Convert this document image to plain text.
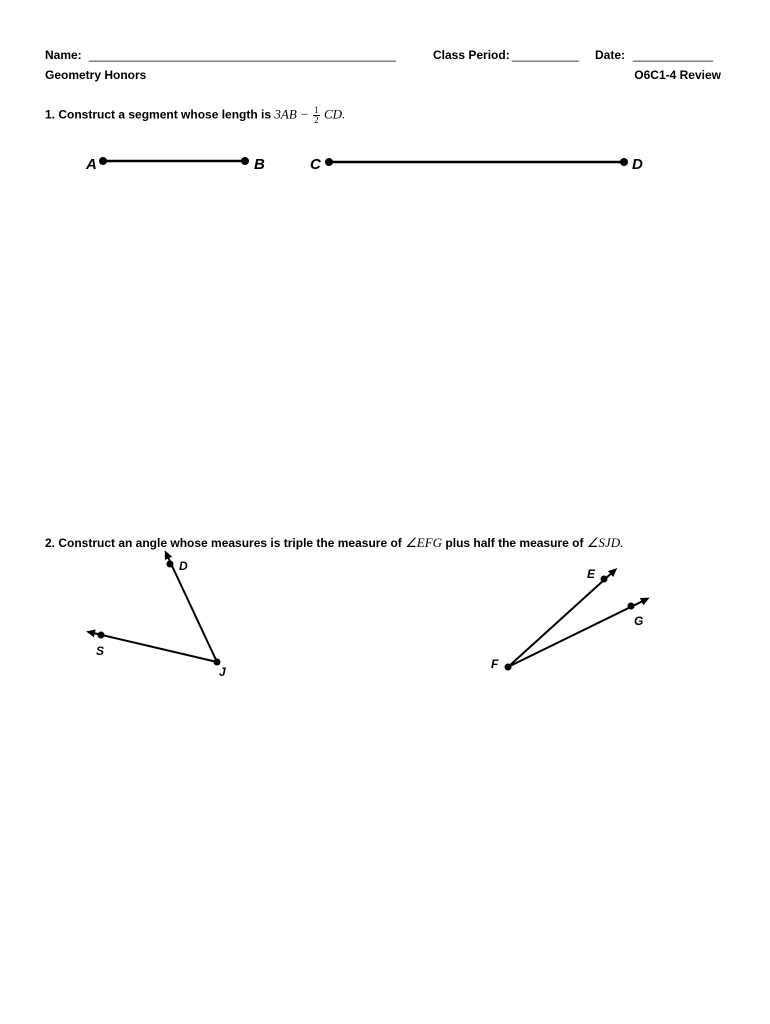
Name: ______________________________________________	Class Period: __________ Date: ____________
Geometry Honors	O6C1-4 Review
1. Construct a segment whose length is $3AB - \frac{1}{2}$ CD.
2. Construct an angle whose measures is triple the measure of ∠EFG plus half the measure of ∠SJD.
A	B	C	D
D
S
J
E
G
F
